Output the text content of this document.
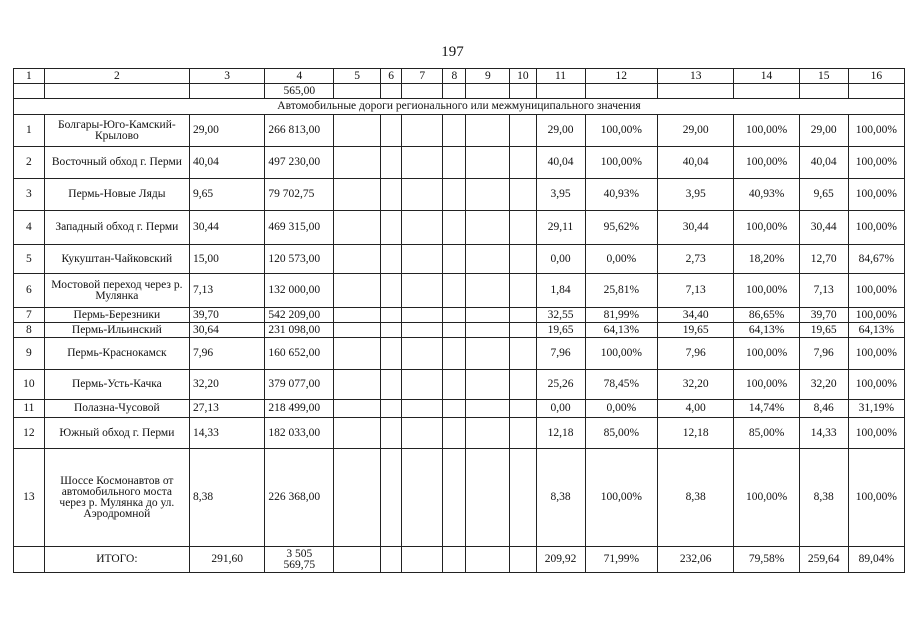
197
1	2	3	4	5	6	7	8	9	10	11	12	13	14	15	16
			565,00												
Автомобильные дороги регионального или межмуниципального значения															
1	Болгары-Юго-Камский-Крылово	29,00	266 813,00							29,00	100,00%	29,00	100,00%	29,00	100,00%
2	Восточный обход г. Перми	40,04	497 230,00							40,04	100,00%	40,04	100,00%	40,04	100,00%
3	Пермь-Новые Ляды	9,65	79 702,75							3,95	40,93%	3,95	40,93%	9,65	100,00%
4	Западный обход г. Перми	30,44	469 315,00							29,11	95,62%	30,44	100,00%	30,44	100,00%
5	Кукуштан-Чайковский	15,00	120 573,00							0,00	0,00%	2,73	18,20%	12,70	84,67%
6	Мостовой переход через р. Мулянка	7,13	132 000,00							1,84	25,81%	7,13	100,00%	7,13	100,00%
7	Пермь-Березники	39,70	542 209,00							32,55	81,99%	34,40	86,65%	39,70	100,00%
8	Пермь-Ильинский	30,64	231 098,00							19,65	64,13%	19,65	64,13%	19,65	64,13%
9	Пермь-Краснокамск	7,96	160 652,00							7,96	100,00%	7,96	100,00%	7,96	100,00%
10	Пермь-Усть-Качка	32,20	379 077,00							25,26	78,45%	32,20	100,00%	32,20	100,00%
11	Полазна-Чусовой	27,13	218 499,00							0,00	0,00%	4,00	14,74%	8,46	31,19%
12	Южный обход г. Перми	14,33	182 033,00							12,18	85,00%	12,18	85,00%	14,33	100,00%
13	Шоссе Космонавтов от автомобильного моста через р. Мулянка до ул. Аэродромной	8,38	226 368,00							8,38	100,00%	8,38	100,00%	8,38	100,00%
	ИТОГО:	291,60	3 505
569,75							209,92	71,99%	232,06	79,58%	259,64	89,04%
